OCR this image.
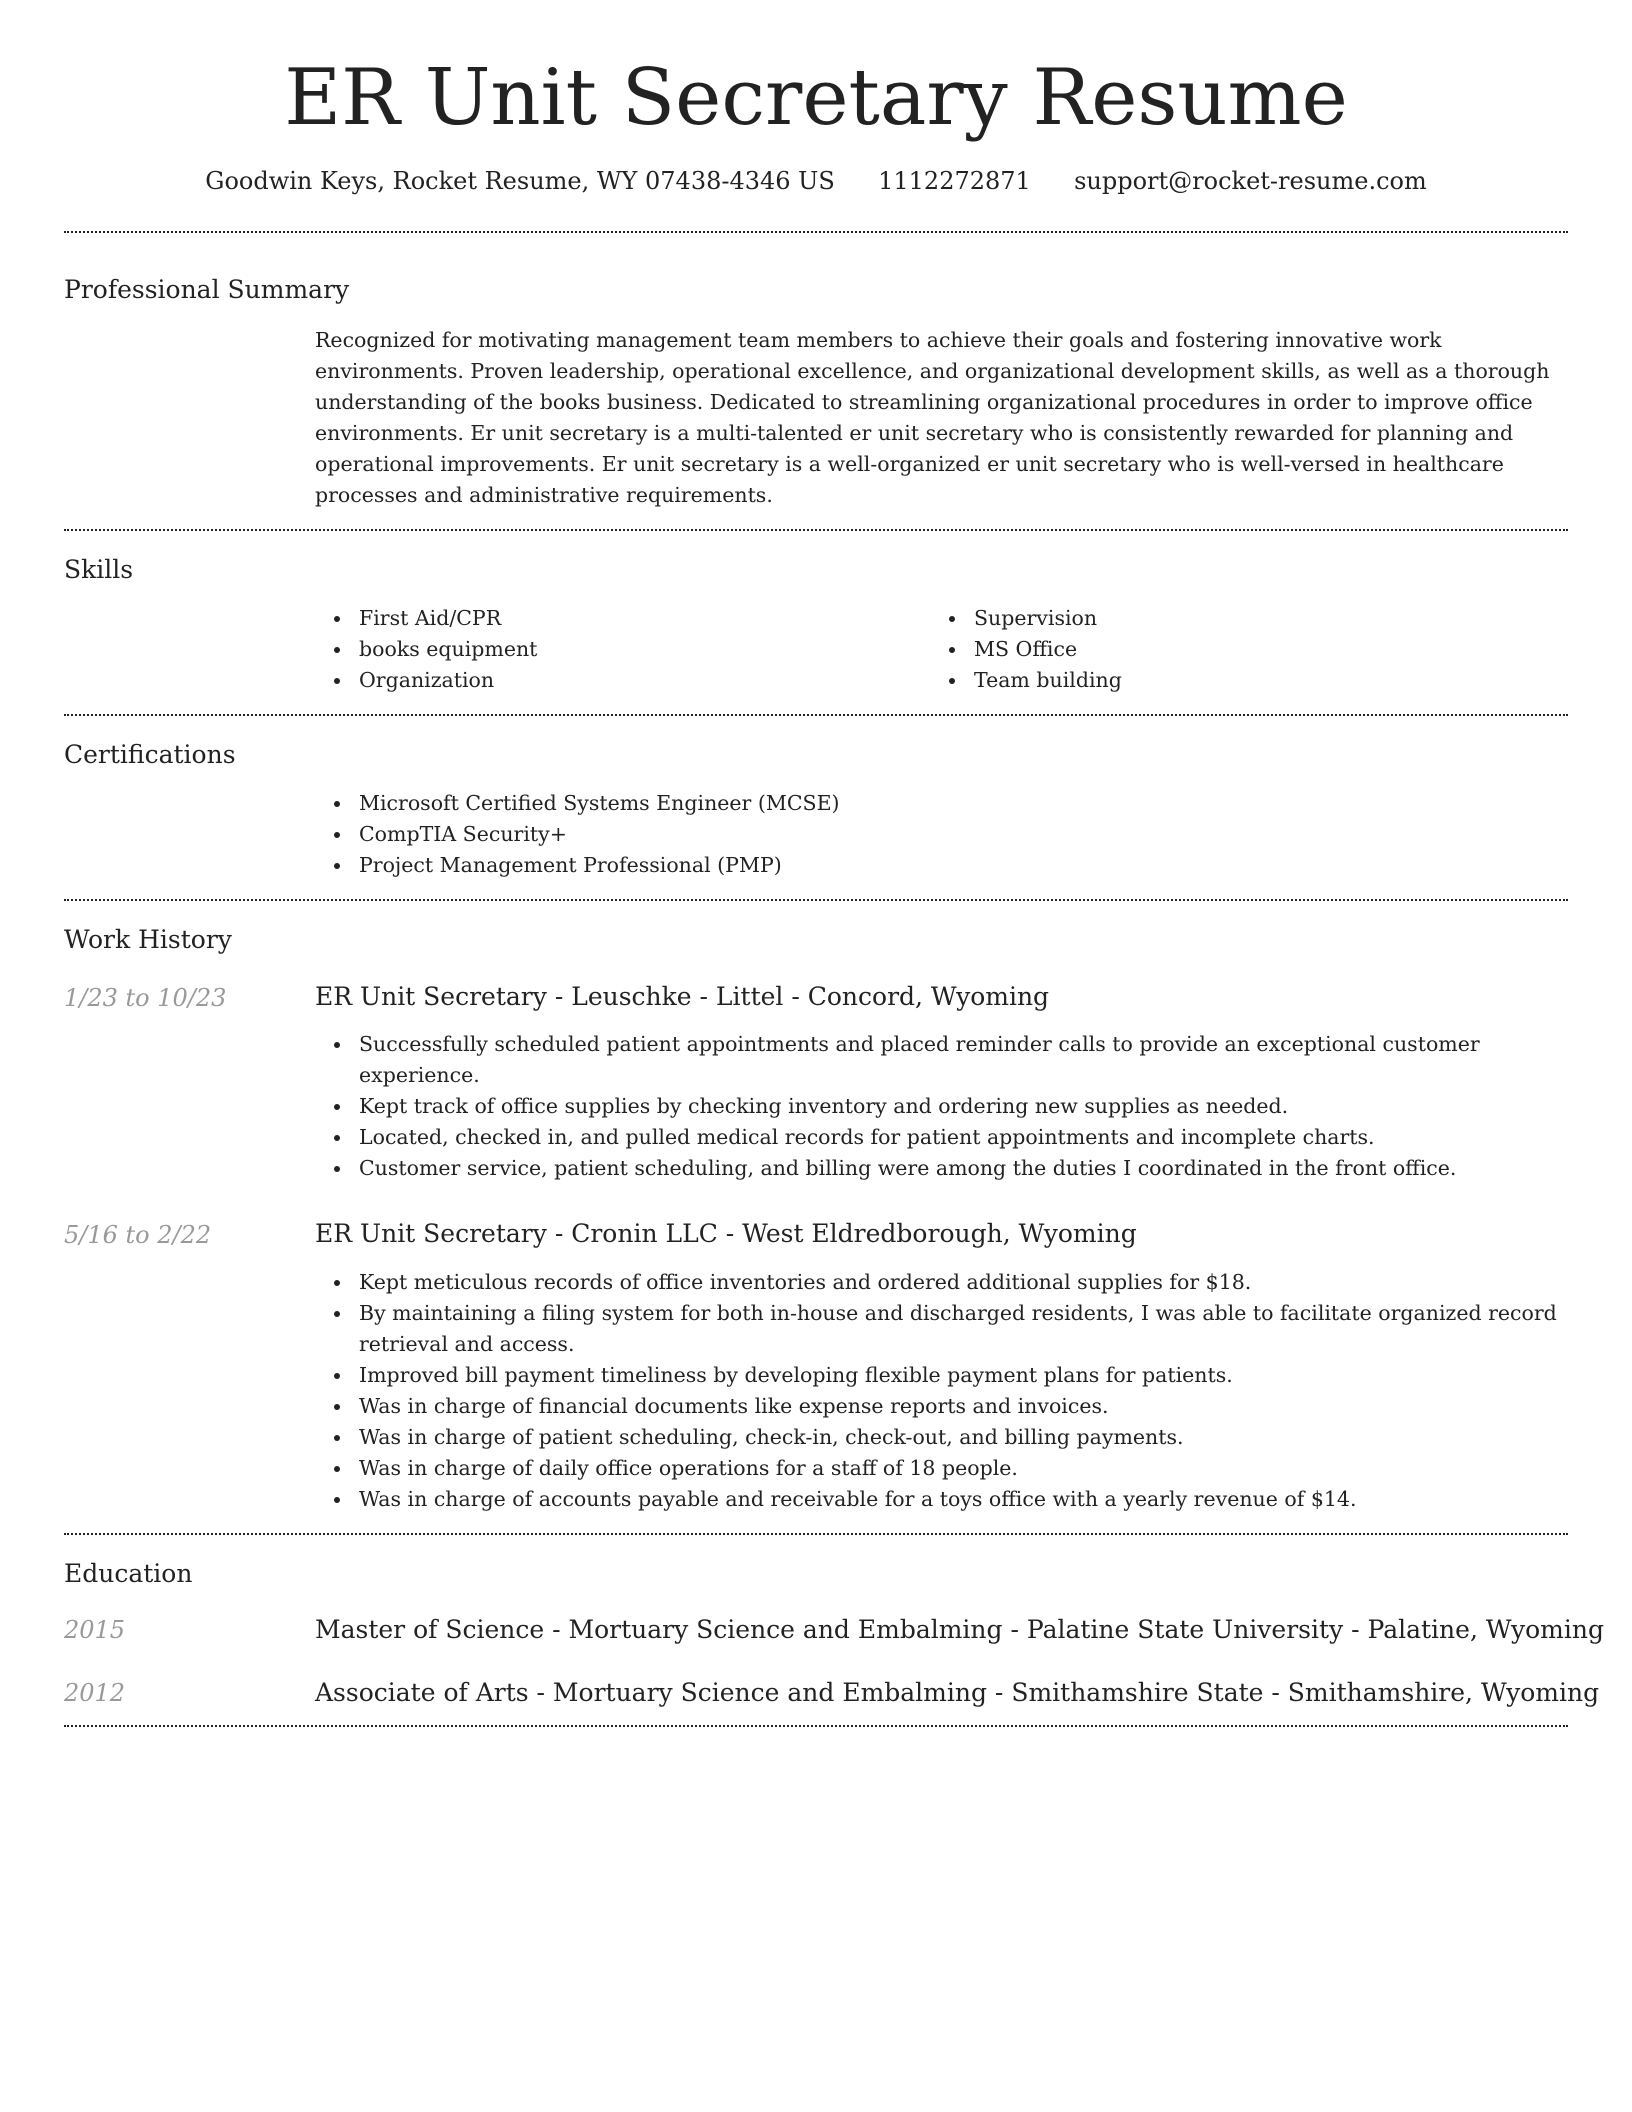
ER Unit Secretary Resume
Goodwin Keys, Rocket Resume, WY 07438-4346 US 1112272871 support@rocket-resume.com
Professional Summary

Recognized for motivating management team members to achieve their goals and fostering innovative work environments. Proven leadership, operational excellence, and organizational development skills, as well as a thorough understanding of the books business. Dedicated to streamlining organizational procedures in order to improve office environments. Er unit secretary is a multi-talented er unit secretary who is consistently rewarded for planning and operational improvements. Er unit secretary is a well-organized er unit secretary who is well-versed in healthcare processes and administrative requirements.

Skills
First Aid/CPR
books equipment
Organization
Supervision
MS Office
Team building
Certifications
Microsoft Certified Systems Engineer (MCSE)
CompTIA Security+
Project Management Professional (PMP)
Work History
1/23 to 10/23	ER Unit Secretary - Leuschke - Littel - Concord, Wyoming
Successfully scheduled patient appointments and placed reminder calls to provide an exceptional customer experience.
Kept track of office supplies by checking inventory and ordering new supplies as needed.
Located, checked in, and pulled medical records for patient appointments and incomplete charts.
Customer service, patient scheduling, and billing were among the duties I coordinated in the front office.
5/16 to 2/22	ER Unit Secretary - Cronin LLC - West Eldredborough, Wyoming
Kept meticulous records of office inventories and ordered additional supplies for $18.
By maintaining a filing system for both in-house and discharged residents, I was able to facilitate organized record retrieval and access.
Improved bill payment timeliness by developing flexible payment plans for patients.
Was in charge of financial documents like expense reports and invoices.
Was in charge of patient scheduling, check-in, check-out, and billing payments.
Was in charge of daily office operations for a staff of 18 people.
Was in charge of accounts payable and receivable for a toys office with a yearly revenue of $14.
Education
2015	Master of Science - Mortuary Science and Embalming - Palatine State University - Palatine, Wyoming
2012	Associate of Arts - Mortuary Science and Embalming - Smithamshire State - Smithamshire, Wyoming
